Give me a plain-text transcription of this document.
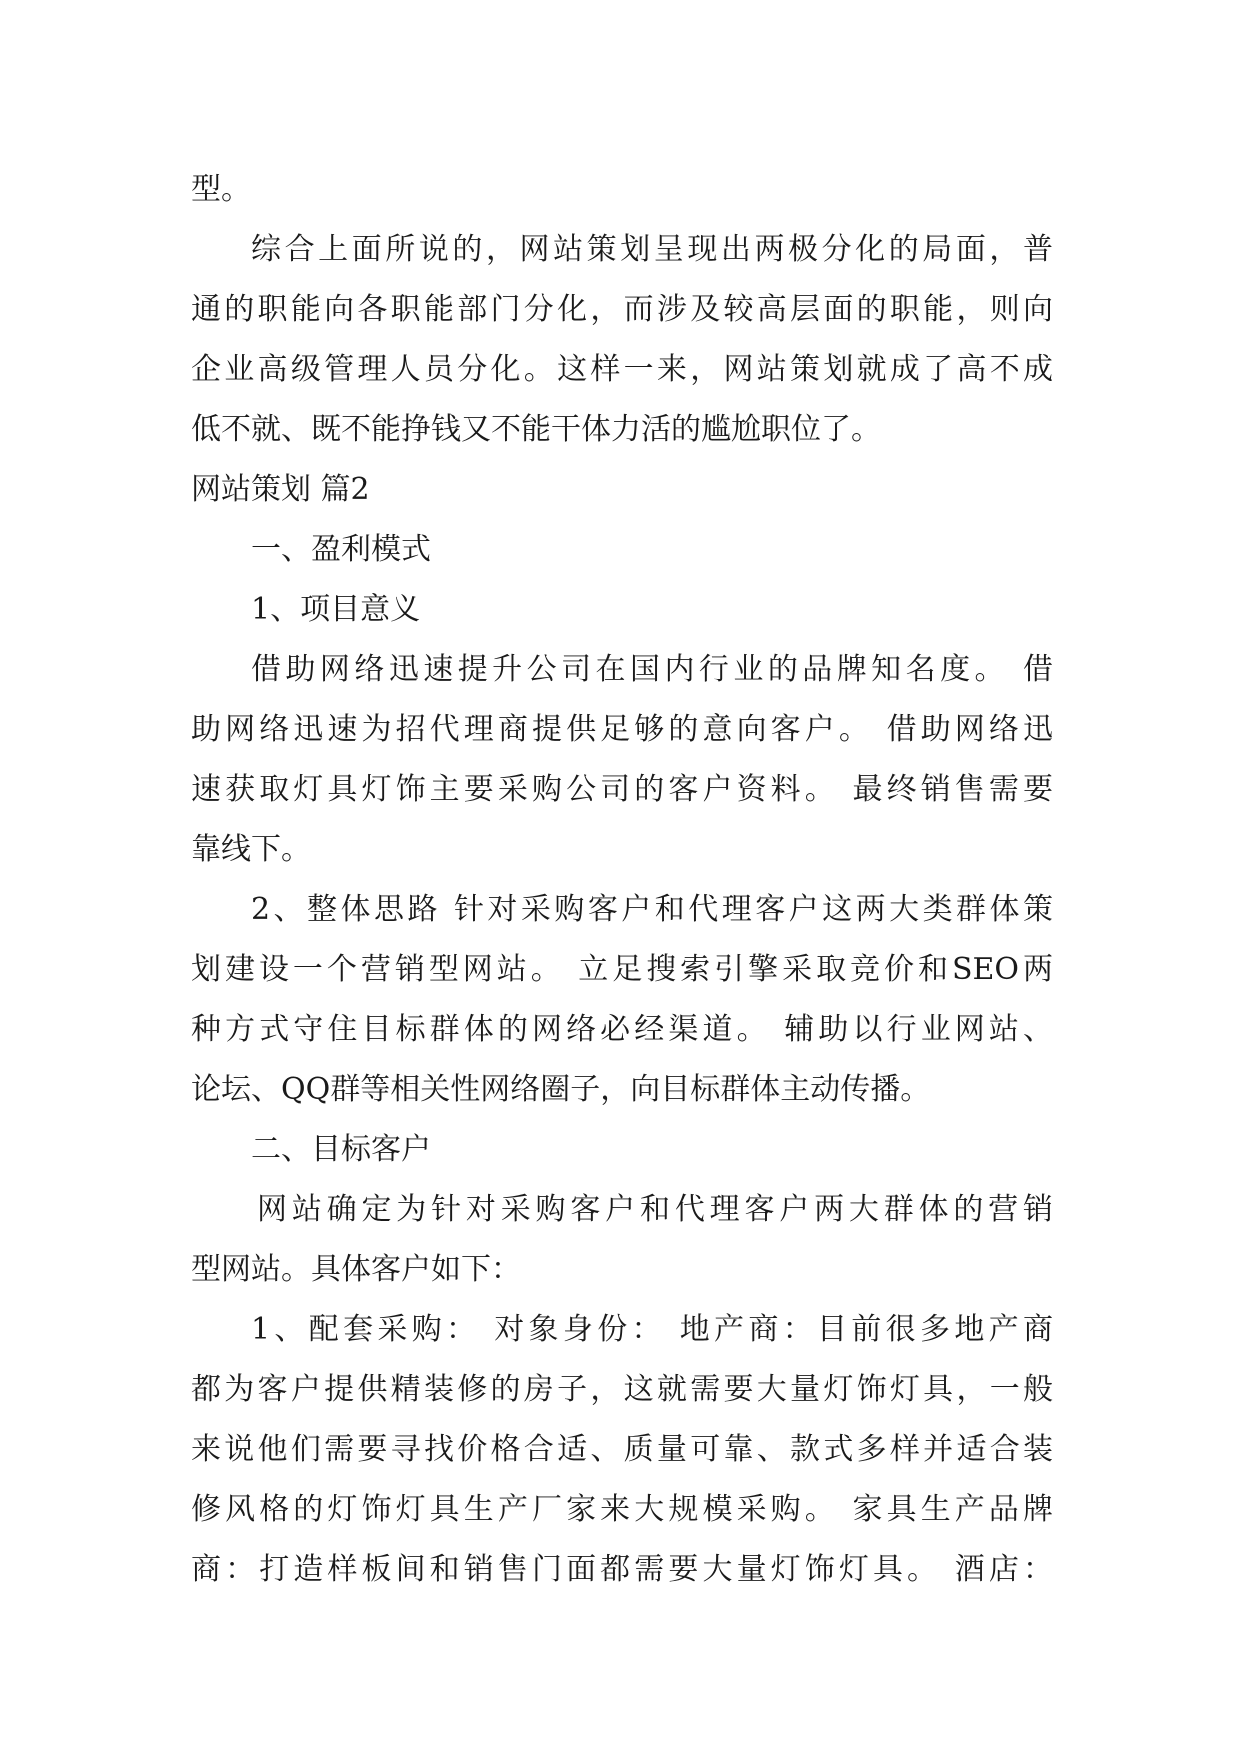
型。
综合上面所说的，网站策划呈现出两极分化的局面，普
通的职能向各职能部门分化，而涉及较高层面的职能，则向
企业高级管理人员分化。这样一来，网站策划就成了高不成
低不就、既不能挣钱又不能干体力活的尴尬职位了。
网站策划 篇2
一、盈利模式
1、项目意义
借助网络迅速提升公司在国内行业的品牌知名度。 借
助网络迅速为招代理商提供足够的意向客户。 借助网络迅
速获取灯具灯饰主要采购公司的客户资料。 最终销售需要
靠线下。
2、整体思路 针对采购客户和代理客户这两大类群体策
划建设一个营销型网站。 立足搜索引擎采取竞价和SEO两
种方式守住目标群体的网络必经渠道。 辅助以行业网站、
论坛、QQ群等相关性网络圈子，向目标群体主动传播。
二、目标客户
网站确定为针对采购客户和代理客户两大群体的营销
型网站。具体客户如下：
1、配套采购： 对象身份： 地产商：目前很多地产商
都为客户提供精装修的房子，这就需要大量灯饰灯具，一般
来说他们需要寻找价格合适、质量可靠、款式多样并适合装
修风格的灯饰灯具生产厂家来大规模采购。 家具生产品牌
商：打造样板间和销售门面都需要大量灯饰灯具。 酒店：
